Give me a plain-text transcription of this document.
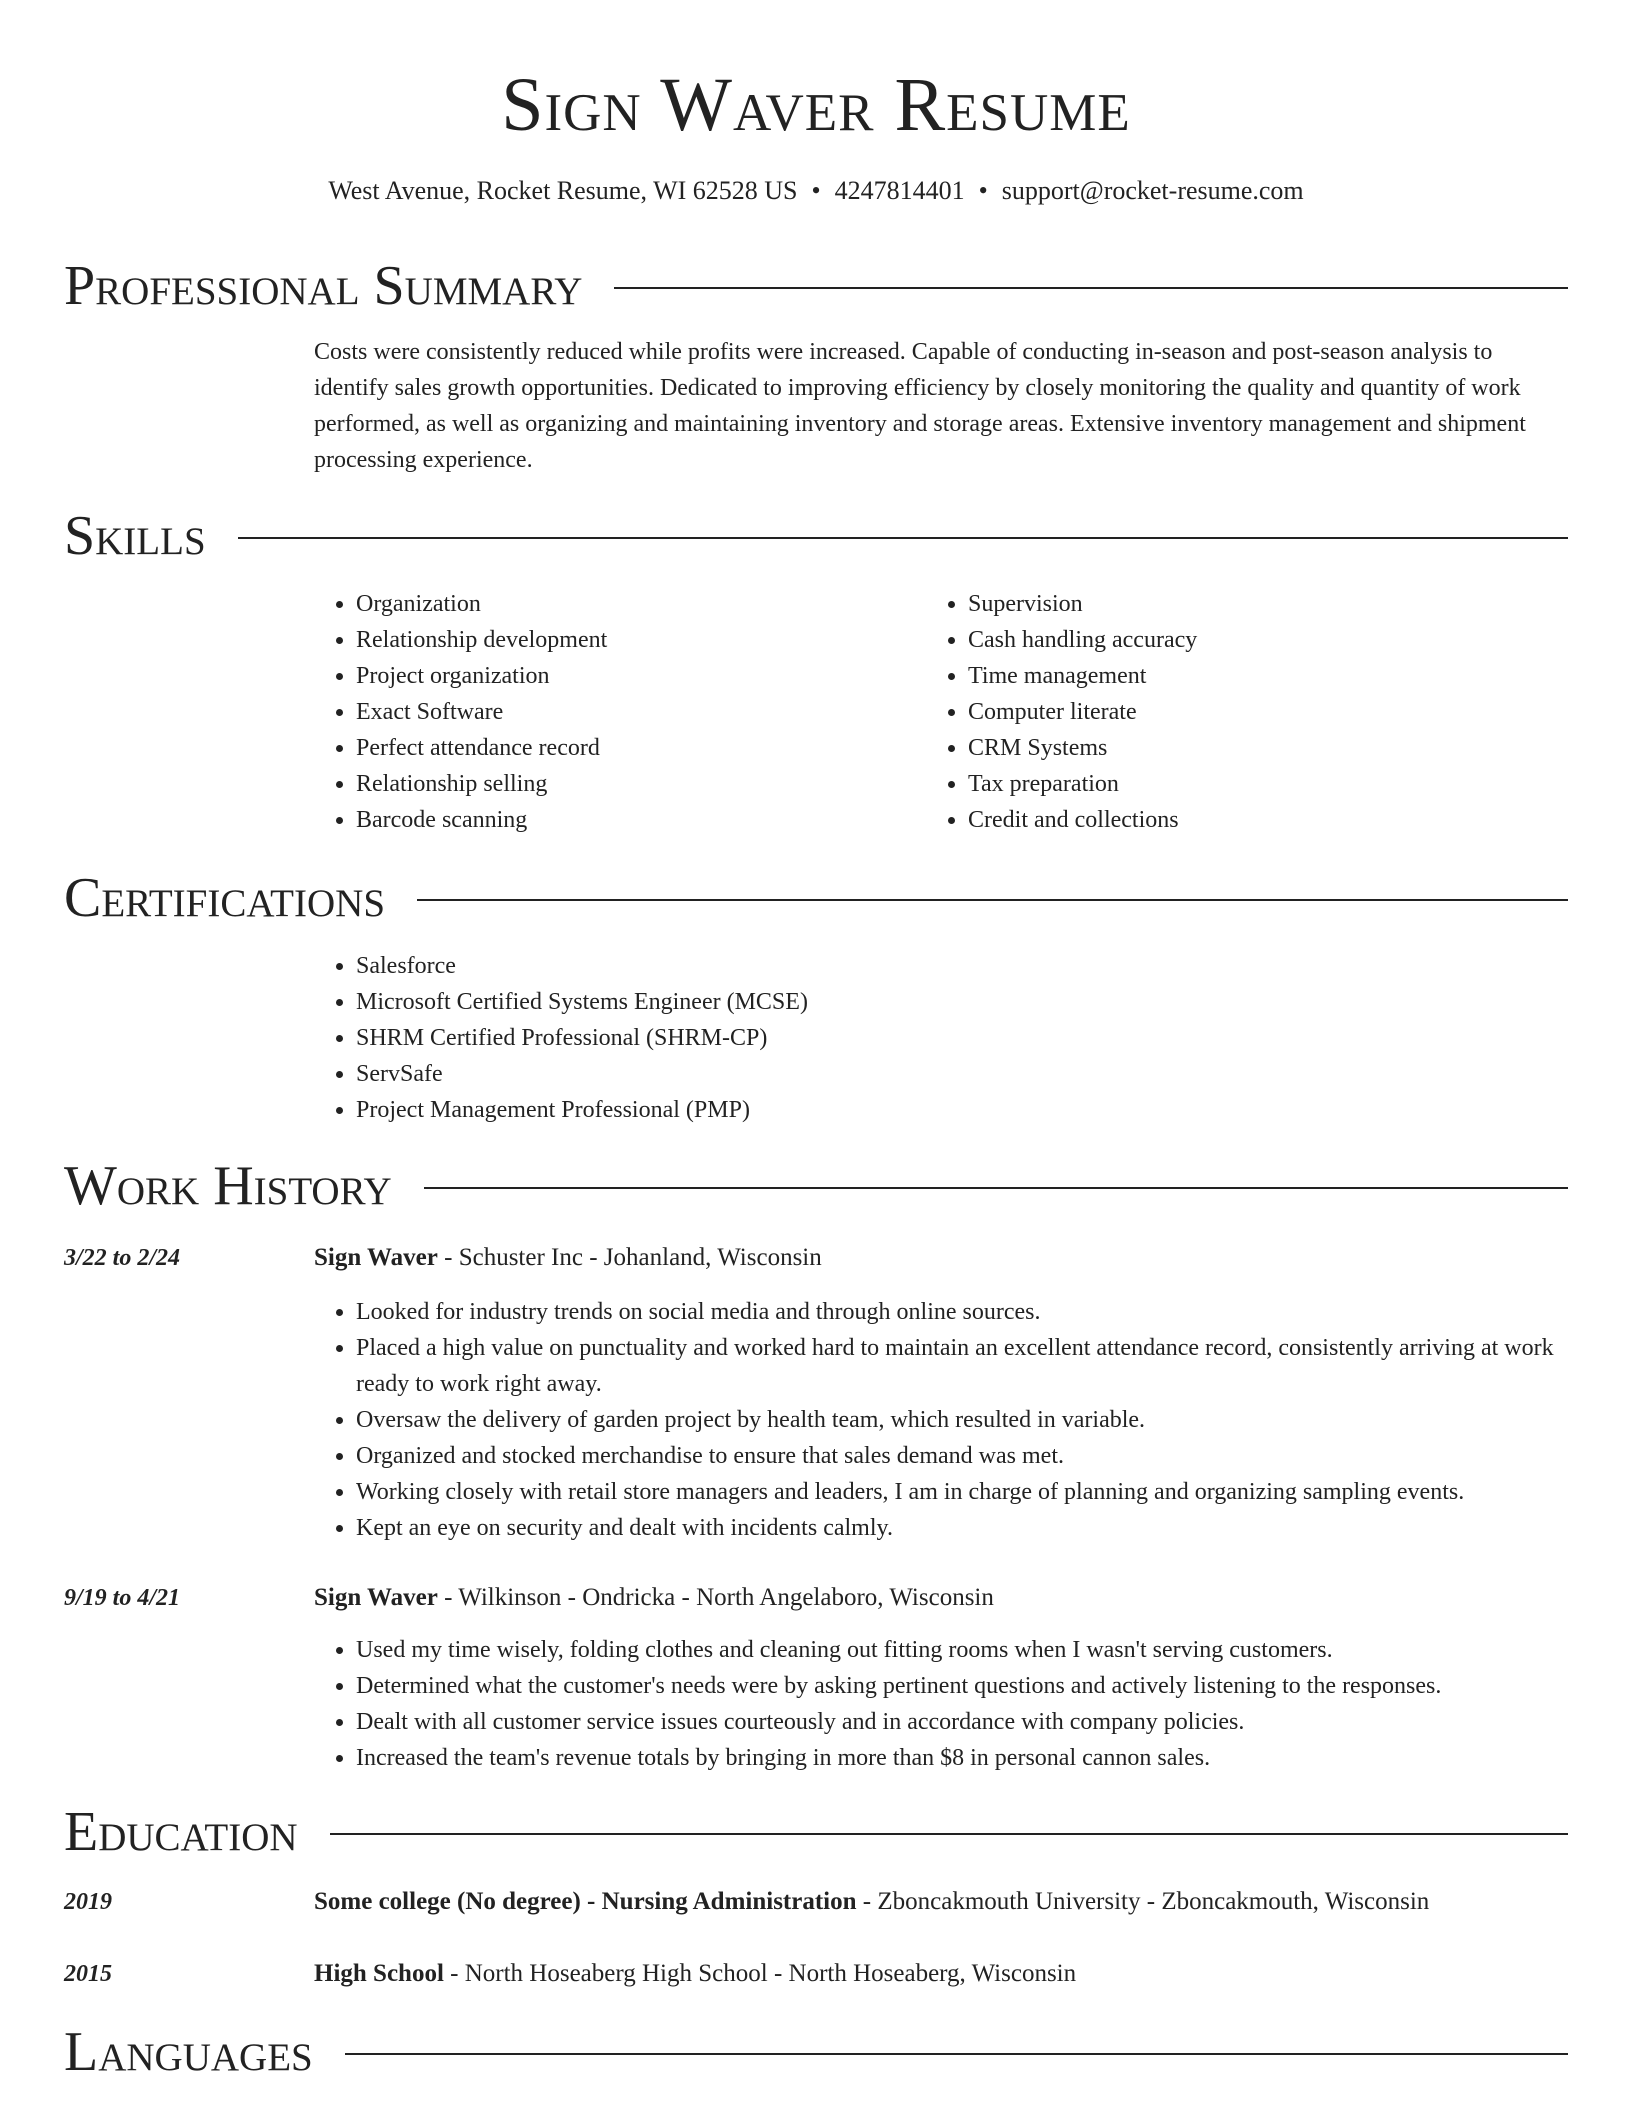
Sign Waver Resume
West Avenue, Rocket Resume, WI 62528 US • 4247814401 • support@rocket-resume.com
Professional Summary
Costs were consistently reduced while profits were increased. Capable of conducting in-season and post-season analysis to identify sales growth opportunities. Dedicated to improving efficiency by closely monitoring the quality and quantity of work performed, as well as organizing and maintaining inventory and storage areas. Extensive inventory management and shipment processing experience.
Skills
• Organization
• Relationship development
• Project organization
• Exact Software
• Perfect attendance record
• Relationship selling
• Barcode scanning
• Supervision
• Cash handling accuracy
• Time management
• Computer literate
• CRM Systems
• Tax preparation
• Credit and collections
Certifications
• Salesforce
• Microsoft Certified Systems Engineer (MCSE)
• SHRM Certified Professional (SHRM-CP)
• ServSafe
• Project Management Professional (PMP)
Work History
3/22 to 2/24	Sign Waver - Schuster Inc - Johanland, Wisconsin
• Looked for industry trends on social media and through online sources.
• Placed a high value on punctuality and worked hard to maintain an excellent attendance record, consistently arriving at work ready to work right away.
• Oversaw the delivery of garden project by health team, which resulted in variable.
• Organized and stocked merchandise to ensure that sales demand was met.
• Working closely with retail store managers and leaders, I am in charge of planning and organizing sampling events.
• Kept an eye on security and dealt with incidents calmly.
9/19 to 4/21	Sign Waver - Wilkinson - Ondricka - North Angelaboro, Wisconsin
• Used my time wisely, folding clothes and cleaning out fitting rooms when I wasn't serving customers.
• Determined what the customer's needs were by asking pertinent questions and actively listening to the responses.
• Dealt with all customer service issues courteously and in accordance with company policies.
• Increased the team's revenue totals by bringing in more than $8 in personal cannon sales.
Education
2019	Some college (No degree) - Nursing Administration - Zboncakmouth University - Zboncakmouth, Wisconsin
2015	High School - North Hoseaberg High School - North Hoseaberg, Wisconsin
Languages
